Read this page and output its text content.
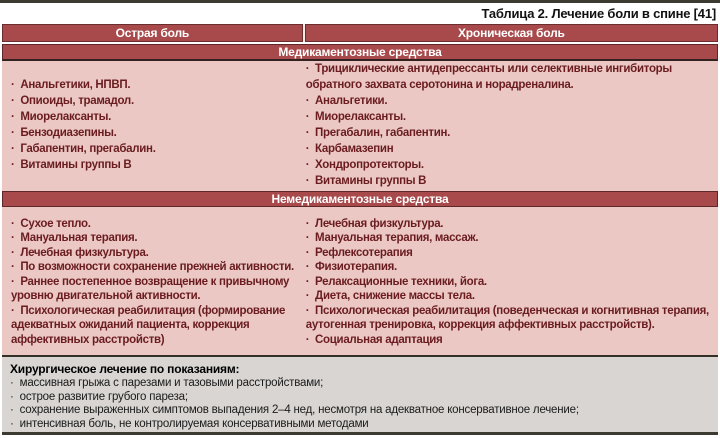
Таблица 2. Лечение боли в спине [41]
Острая боль	Хроническая боль
Медикаментозные средства
·  Анальгетики, НПВП.
·  Опиоиды, трамадол.
·  Миорелаксанты.
·  Бензодиазепины.
·  Габапентин, прегабалин.
·  Витамины группы В
·  Трициклические антидепрессанты или селективные ингибиторы обратного захвата серотонина и норадреналина.
·  Анальгетики.
·  Миорелаксанты.
·  Прегабалин, габапентин.
·  Карбамазепин
·  Хондропротекторы.
·  Витамины группы В
Немедикаментозные средства
·  Сухое тепло.
·  Мануальная терапия.
·  Лечебная физкультура.
·  По возможности сохранение прежней активности.
·  Раннее постепенное возвращение к привычному уровню двигательной активности.
·  Психологическая реабилитация (формирование адекватных ожиданий пациента, коррекция аффективных расстройств)
·  Лечебная физкультура.
·  Мануальная терапия, массаж.
·  Рефлексотерапия
·  Физиотерапия.
·  Релаксационные техники, йога.
·  Диета, снижение массы тела.
·  Психологическая реабилитация (поведенческая и когнитивная терапия, аутогенная тренировка, коррекция аффективных расстройств).
·  Социальная адаптация
Хирургическое лечение по показаниям:
·  массивная грыжа с парезами и тазовыми расстройствами;
·  острое развитие грубого пареза;
·  сохранение выраженных симптомов выпадения 2–4 нед, несмотря на адекватное консервативное лечение;
·  интенсивная боль, не контролируемая консервативными методами
